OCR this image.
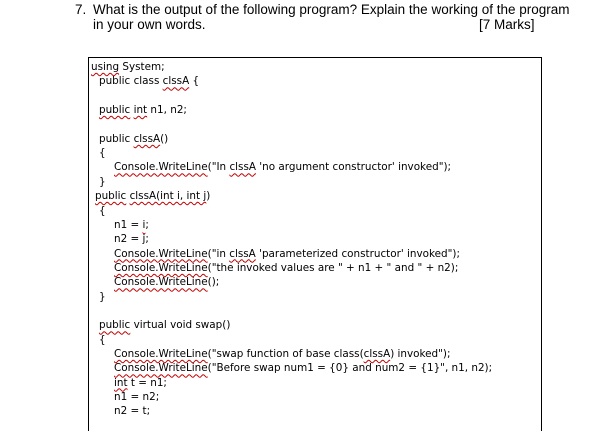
7. What is the output of the following program? Explain the working of the program
in your own words.	[7 Marks]
using System;
public class clssA {
public int n1, n2;
public clssA()
{
Console.WriteLine("In clssA 'no argument constructor' invoked");
}
public clssA(int i, int j)
{
n1 = i;
n2 = j;
Console.WriteLine("in clssA 'parameterized constructor' invoked");
Console.WriteLine("the invoked values are " + n1 + " and " + n2);
Console.WriteLine();
}
public virtual void swap()
{
Console.WriteLine("swap function of base class(clssA) invoked");
Console.WriteLine("Before swap num1 = {0} and num2 = {1}", n1, n2);
int t = n1;
n1 = n2;
n2 = t;
